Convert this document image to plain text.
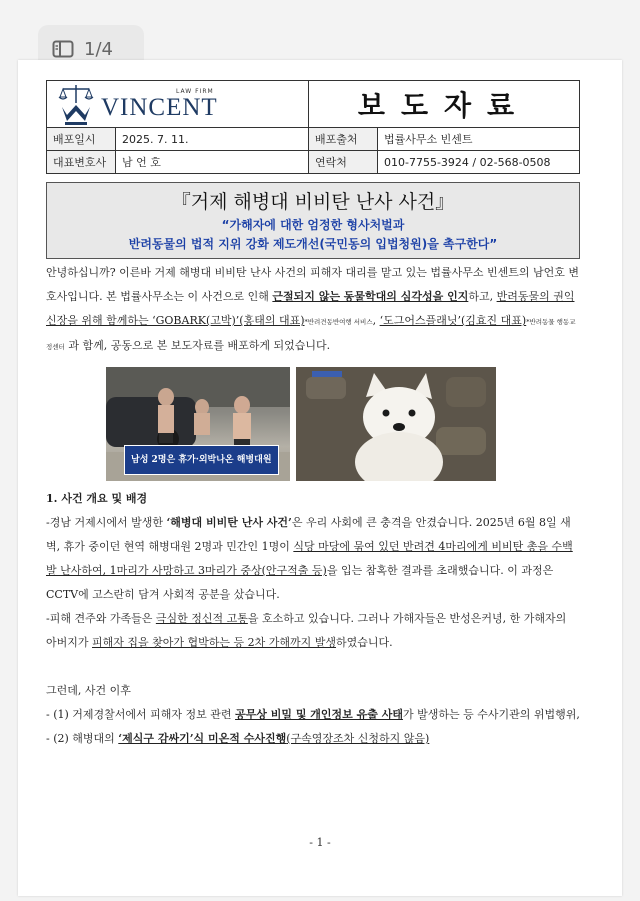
1/4
LAW FIRM
VINCENT		보도자료	
배포일시	2025. 7. 11.	배포출처	법률사무소 빈센트
대표변호사	남 언 호	연락처	010-7755-3924 / 02-568-0508
『거제 해병대 비비탄 난사 사건』
“가해자에 대한 엄정한 형사처벌과
반려동물의 법적 지위 강화 제도개선(국민동의 입법청원)을 촉구한다”

안녕하십니까? 이른바 거제 해병대 비비탄 난사 사건의 피해자 대리를 맡고 있는 법률사무소 빈센트의 남언호 변호사입니다. 본 법률사무소는 이 사건으로 인해 근절되지 않는 동물학대의 심각성을 인지하고, 반려동물의 권익신장을 위해 함께하는 ‘GOBARK(고박)’(홍태의 대표)*반려견동반여행 서비스, ‘도그어스플래닛’(김효진 대표)*반려동물 행동교정센터 과 함께, 공동으로 본 보도자료를 배포하게 되었습니다.

남성 2명은 휴가·외박나온 해병대원

1. 사건 개요 및 배경

-경남 거제시에서 발생한 ‘해병대 비비탄 난사 사건’은 우리 사회에 큰 충격을 안겼습니다. 2025년 6월 8일 새벽, 휴가 중이던 현역 해병대원 2명과 민간인 1명이 식당 마당에 묶여 있던 반려견 4마리에게 비비탄 총을 수백 발 난사하여, 1마리가 사망하고 3마리가 중상(안구적출 등)을 입는 참혹한 결과를 초래했습니다. 이 과정은 CCTV에 고스란히 담겨 사회적 공분을 샀습니다.

-피해 견주와 가족들은 극심한 정신적 고통을 호소하고 있습니다. 그러나 가해자들은 반성은커녕, 한 가해자의 아버지가 피해자 집을 찾아가 협박하는 등 2차 가해까지 발생하였습니다.

그런데, 사건 이후

- (1) 거제경찰서에서 피해자 정보 관련 공무상 비밀 및 개인정보 유출 사태가 발생하는 등 수사기관의 위법행위,

- (2) 해병대의 ‘제식구 감싸기’식 미온적 수사진행(구속영장조차 신청하지 않음)

- 1 -
